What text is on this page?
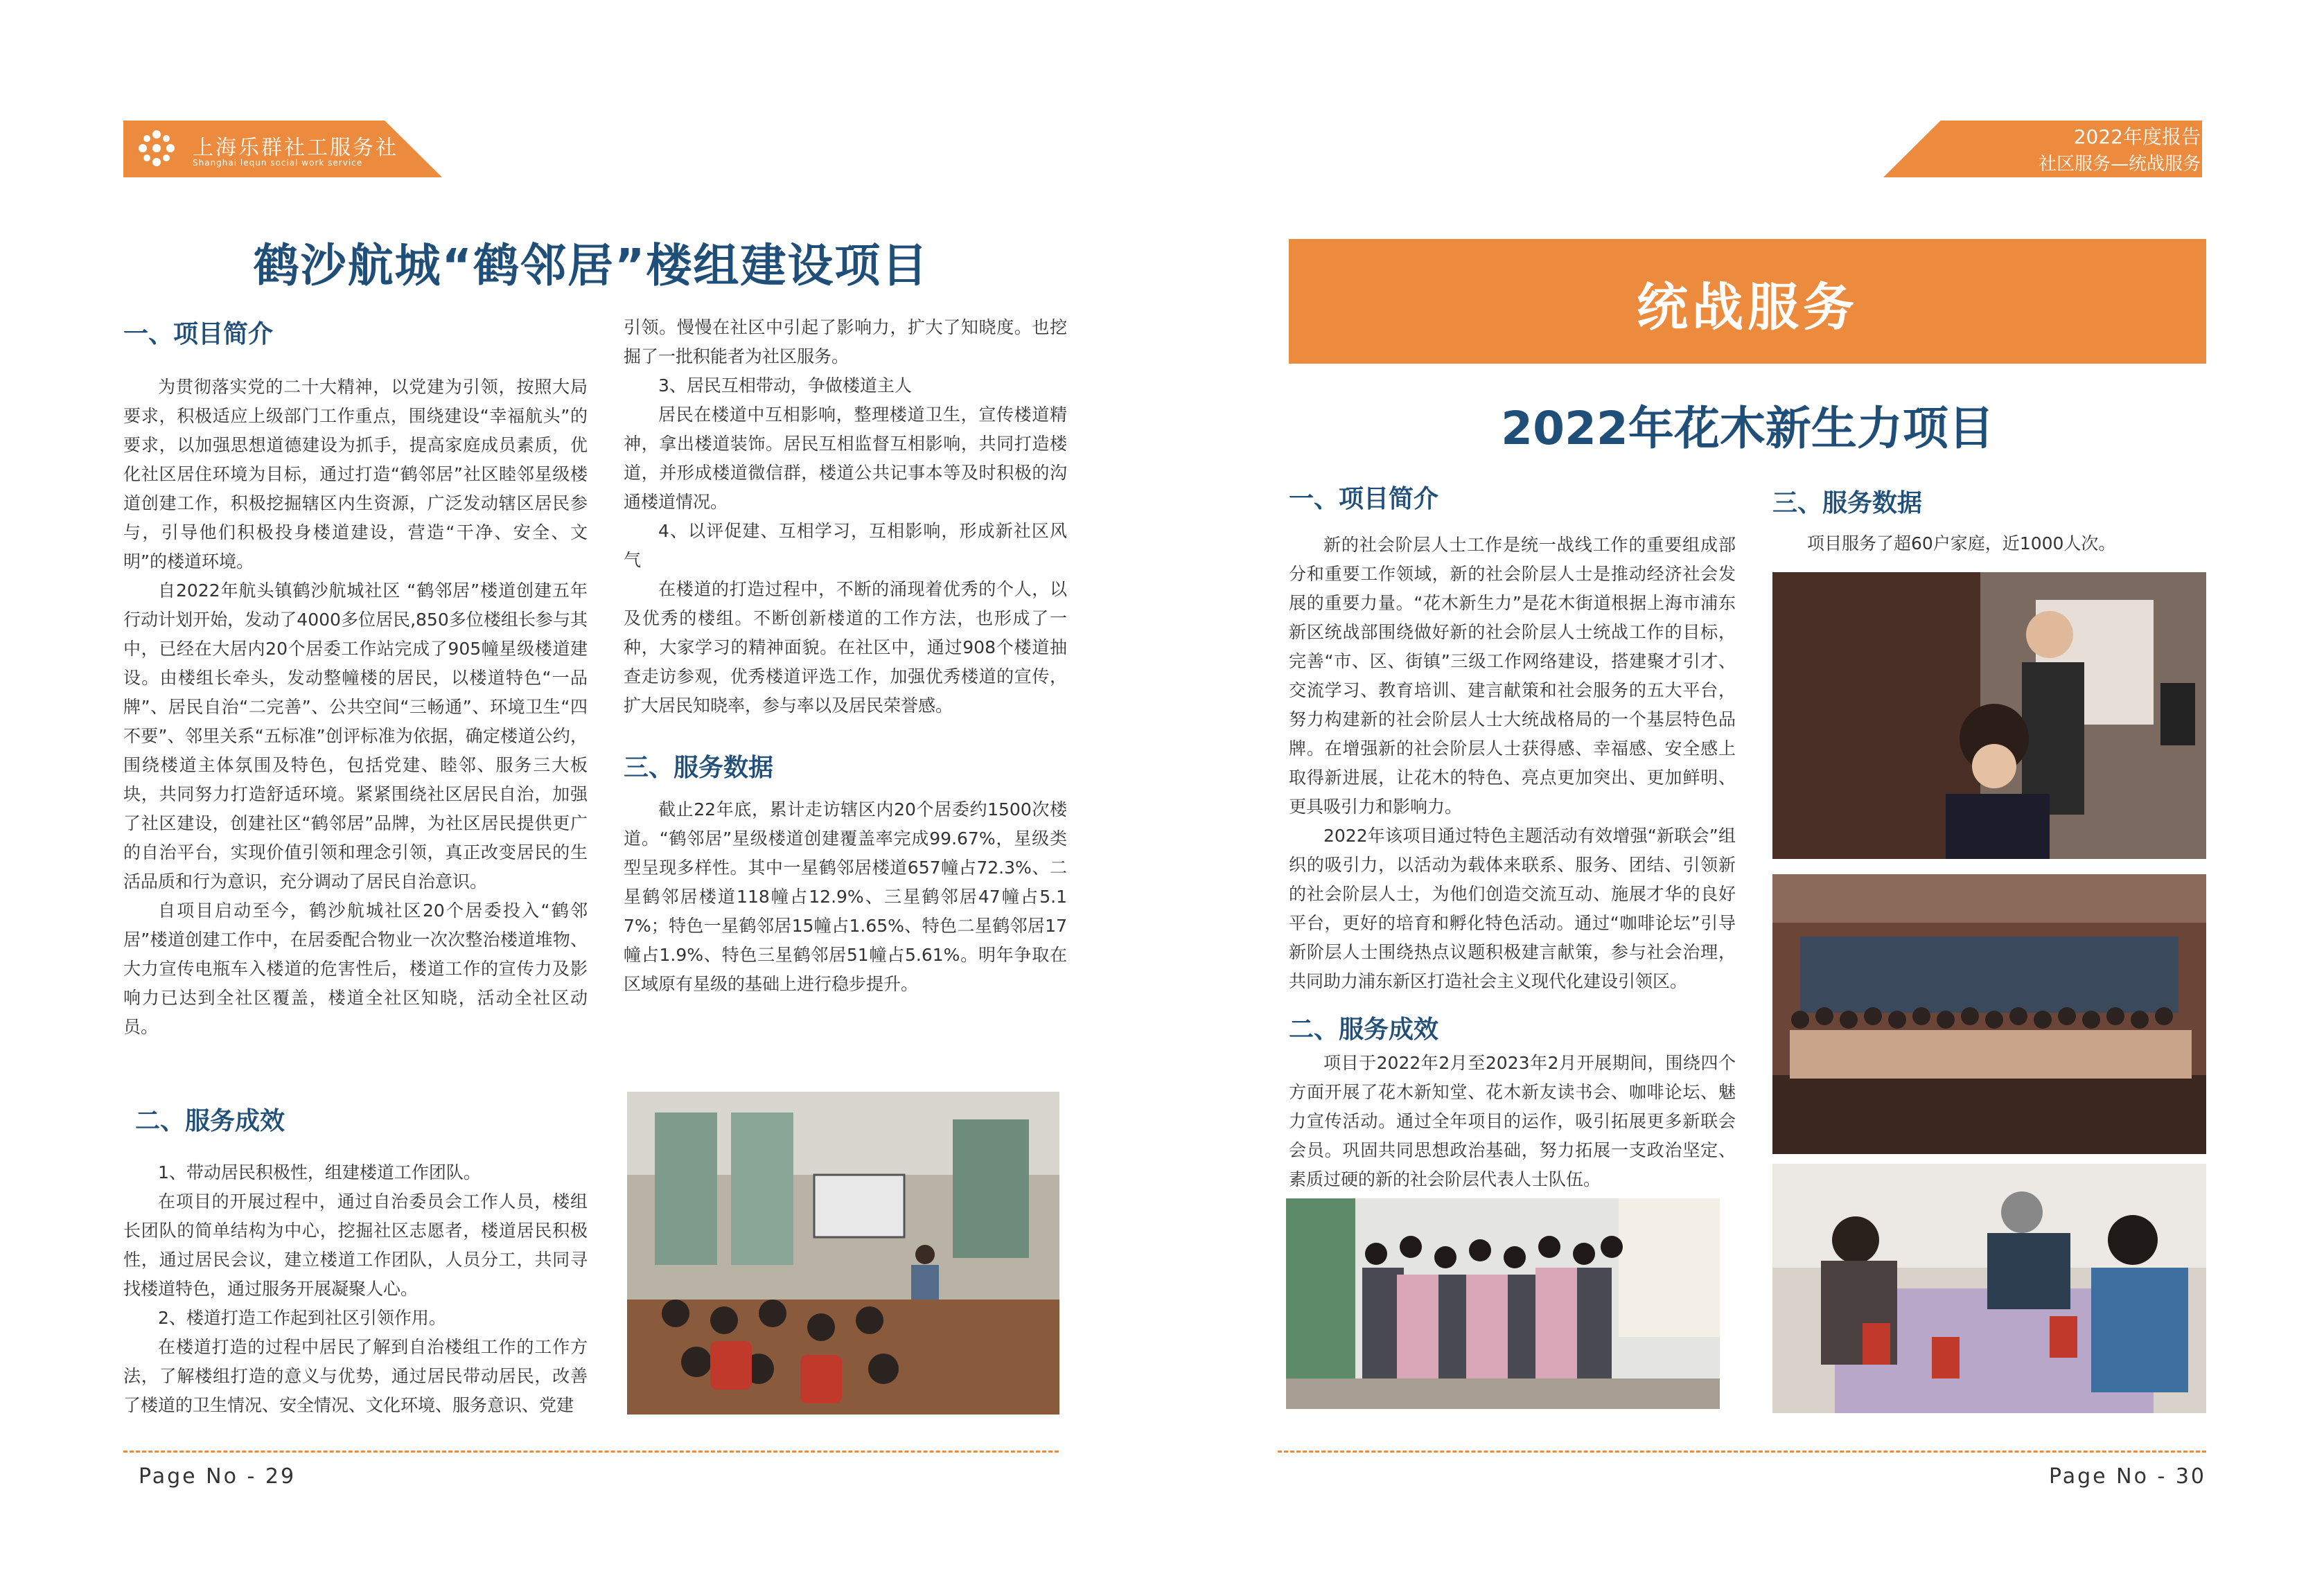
上海乐群社工服务社
Shanghai lequn social work service
2022年度报告
社区服务—统战服务
鹤沙航城“鹤邻居”楼组建设项目
一、项目简介

为贯彻落实党的二十大精神，以党建为引领，按照大局要求，积极适应上级部门工作重点，围绕建设“幸福航头”的要求，以加强思想道德建设为抓手，提高家庭成员素质，优化社区居住环境为目标，通过打造“鹤邻居”社区睦邻星级楼道创建工作，积极挖掘辖区内生资源，广泛发动辖区居民参与，引导他们积极投身楼道建设，营造“干净、安全、文明”的楼道环境。

自2022年航头镇鹤沙航城社区 “鹤邻居”楼道创建五年行动计划开始，发动了4000多位居民,850多位楼组长参与其中，已经在大居内20个居委工作站完成了905幢星级楼道建设。由楼组长牵头，发动整幢楼的居民，以楼道特色“一品牌”、居民自治“二完善”、公共空间“三畅通”、环境卫生“四不要”、邻里关系“五标准”创评标准为依据，确定楼道公约，围绕楼道主体氛围及特色，包括党建、睦邻、服务三大板块，共同努力打造舒适环境。紧紧围绕社区居民自治，加强了社区建设，创建社区“鹤邻居”品牌，为社区居民提供更广的自治平台，实现价值引领和理念引领，真正改变居民的生活品质和行为意识，充分调动了居民自治意识。

自项目启动至今，鹤沙航城社区20个居委投入“鹤邻居”楼道创建工作中，在居委配合物业一次次整治楼道堆物、大力宣传电瓶车入楼道的危害性后，楼道工作的宣传力及影响力已达到全社区覆盖，楼道全社区知晓，活动全社区动员。

引领。慢慢在社区中引起了影响力，扩大了知晓度。也挖掘了一批积能者为社区服务。

3、居民互相带动，争做楼道主人

居民在楼道中互相影响，整理楼道卫生，宣传楼道精神，拿出楼道装饰。居民互相监督互相影响，共同打造楼道，并形成楼道微信群，楼道公共记事本等及时积极的沟通楼道情况。

4、以评促建、互相学习，互相影响，形成新社区风气

在楼道的打造过程中，不断的涌现着优秀的个人，以及优秀的楼组。不断创新楼道的工作方法，也形成了一种，大家学习的精神面貌。在社区中，通过908个楼道抽查走访参观，优秀楼道评选工作，加强优秀楼道的宣传，扩大居民知晓率，参与率以及居民荣誉感。

三、服务数据

截止22年底，累计走访辖区内20个居委约1500次楼道。“鹤邻居”星级楼道创建覆盖率完成99.67%，星级类型呈现多样性。其中一星鹤邻居楼道657幢占72.3%、二星鹤邻居楼道118幢占12.9%、三星鹤邻居47幢占5.17%；特色一星鹤邻居15幢占1.65%、特色二星鹤邻居17幢占1.9%、特色三星鹤邻居51幢占5.61%。明年争取在区域原有星级的基础上进行稳步提升。

二、服务成效

1、带动居民积极性，组建楼道工作团队。

在项目的开展过程中，通过自治委员会工作人员，楼组长团队的简单结构为中心，挖掘社区志愿者，楼道居民积极性，通过居民会议，建立楼道工作团队，人员分工，共同寻找楼道特色，通过服务开展凝聚人心。

2、楼道打造工作起到社区引领作用。

在楼道打造的过程中居民了解到自治楼组工作的工作方法，了解楼组打造的意义与优势，通过居民带动居民，改善了楼道的卫生情况、安全情况、文化环境、服务意识、党建

Page No - 29
统战服务
2022年花木新生力项目
一、项目简介

新的社会阶层人士工作是统一战线工作的重要组成部分和重要工作领域，新的社会阶层人士是推动经济社会发展的重要力量。“花木新生力”是花木街道根据上海市浦东新区统战部围绕做好新的社会阶层人士统战工作的目标，完善“市、区、街镇”三级工作网络建设，搭建聚才引才、交流学习、教育培训、建言献策和社会服务的五大平台，努力构建新的社会阶层人士大统战格局的一个基层特色品牌。在增强新的社会阶层人士获得感、幸福感、安全感上取得新进展，让花木的特色、亮点更加突出、更加鲜明、更具吸引力和影响力。

2022年该项目通过特色主题活动有效增强“新联会”组织的吸引力，以活动为载体来联系、服务、团结、引领新的社会阶层人士，为他们创造交流互动、施展才华的良好平台，更好的培育和孵化特色活动。通过“咖啡论坛”引导新阶层人士围绕热点议题积极建言献策，参与社会治理，共同助力浦东新区打造社会主义现代化建设引领区。

二、服务成效

项目于2022年2月至2023年2月开展期间，围绕四个方面开展了花木新知堂、花木新友读书会、咖啡论坛、魅力宣传活动。通过全年项目的运作，吸引拓展更多新联会会员。巩固共同思想政治基础，努力拓展一支政治坚定、素质过硬的新的社会阶层代表人士队伍。

三、服务数据

项目服务了超60户家庭，近1000人次。

Page No - 30
